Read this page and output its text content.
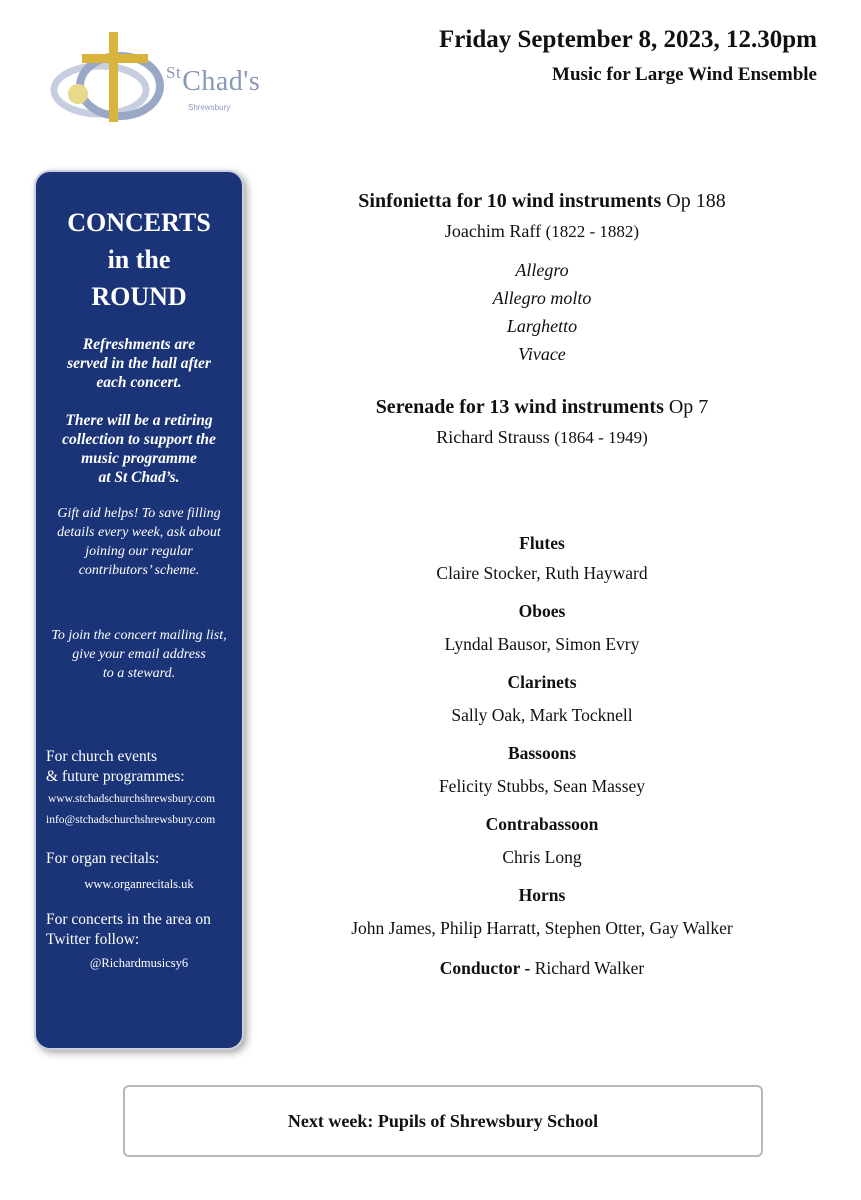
$^{St}$Chad's
Shrewsbury
Friday September 8, 2023, 12.30pm
Music for Large Wind Ensemble
CONCERTS
in the
ROUND
Refreshments are
served in the hall after
each concert.
There will be a retiring
collection to support the
music programme
at St Chad’s.
Gift aid helps! To save filling
details every week, ask about
joining our regular
contributors’ scheme.
To join the concert mailing list,
give your email address
to a steward.
For church events
& future programmes:
www.stchadschurchshrewsbury.com
info@stchadschurchshrewsbury.com
For organ recitals:
www.organrecitals.uk
For concerts in the area on
Twitter follow:
@Richardmusicsy6
Sinfonietta for 10 wind instruments Op 188
Joachim Raff (1822 - 1882)
Allegro
Allegro molto
Larghetto
Vivace
Serenade for 13 wind instruments Op 7
Richard Strauss (1864 - 1949)
Flutes
Claire Stocker, Ruth Hayward
Oboes
Lyndal Bausor, Simon Evry
Clarinets
Sally Oak, Mark Tocknell
Bassoons
Felicity Stubbs, Sean Massey
Contrabassoon
Chris Long
Horns
John James, Philip Harratt, Stephen Otter, Gay Walker
Conductor - Richard Walker
Next week: Pupils of Shrewsbury School
